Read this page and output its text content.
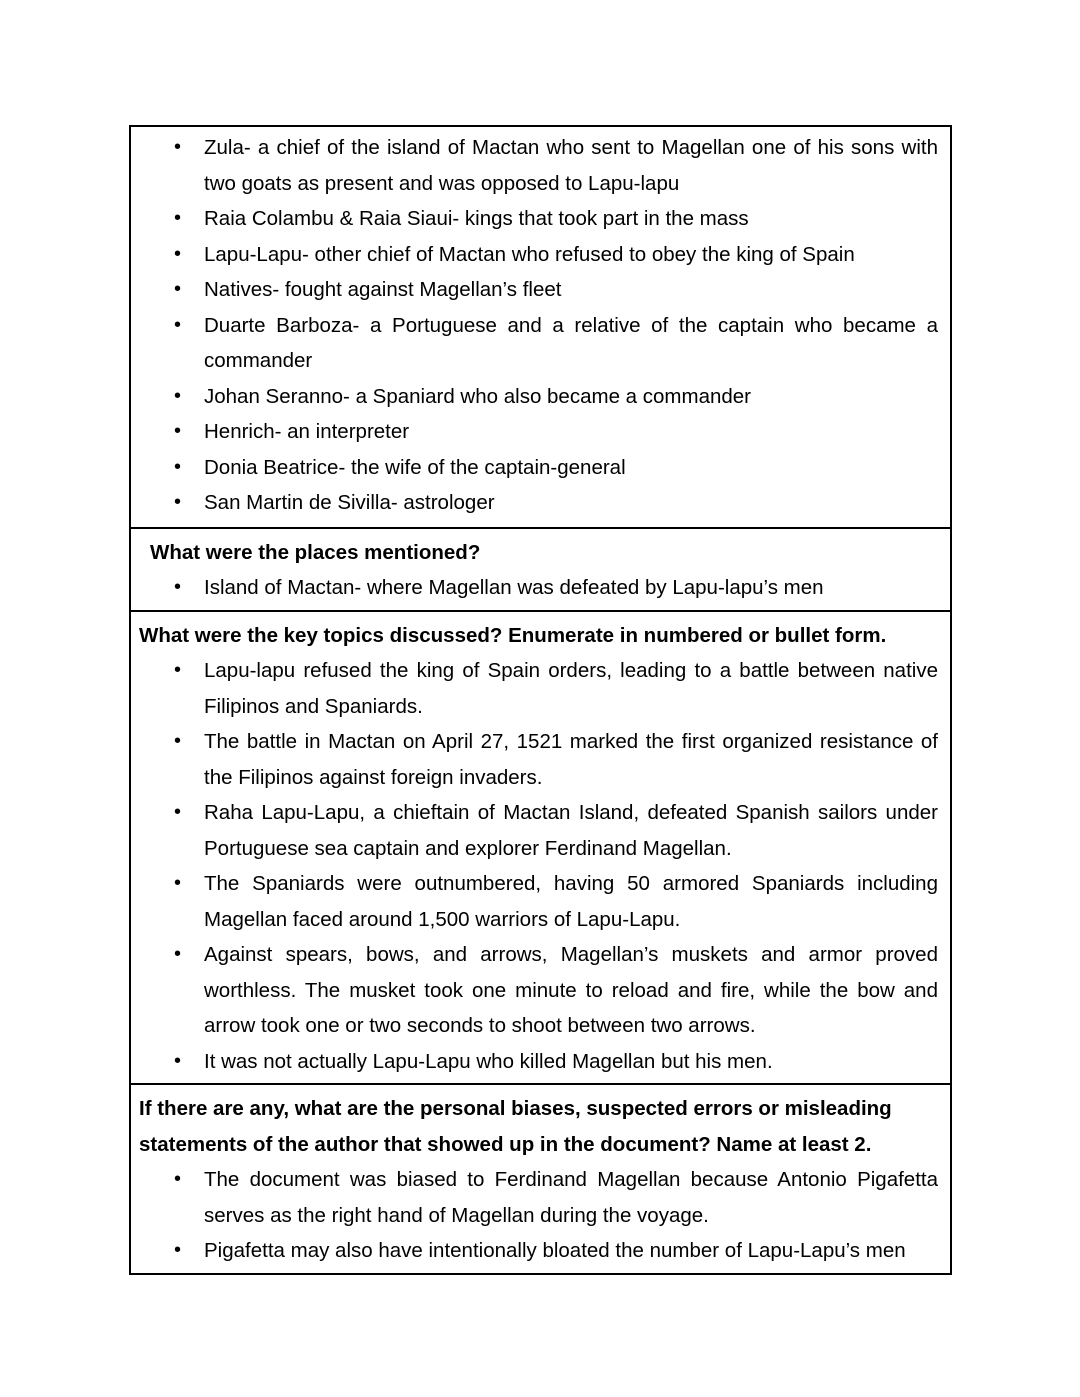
• Zula- a chief of the island of Mactan who sent to Magellan one of his sons with two goats as present and was opposed to Lapu-lapu
• Raia Colambu & Raia Siaui- kings that took part in the mass
• Lapu-Lapu- other chief of Mactan who refused to obey the king of Spain
• Natives- fought against Magellan’s fleet
• Duarte Barboza- a Portuguese and a relative of the captain who became a commander
• Johan Seranno- a Spaniard who also became a commander
• Henrich- an interpreter
• Donia Beatrice- the wife of the captain-general
• San Martin de Sivilla- astrologer
What were the places mentioned?
• Island of Mactan- where Magellan was defeated by Lapu-lapu’s men
What were the key topics discussed? Enumerate in numbered or bullet form.
• Lapu-lapu refused the king of Spain orders, leading to a battle between native Filipinos and Spaniards.
• The battle in Mactan on April 27, 1521 marked the first organized resistance of the Filipinos against foreign invaders.
• Raha Lapu-Lapu, a chieftain of Mactan Island, defeated Spanish sailors under Portuguese sea captain and explorer Ferdinand Magellan.
• The Spaniards were outnumbered, having 50 armored Spaniards including Magellan faced around 1,500 warriors of Lapu-Lapu.
• Against spears, bows, and arrows, Magellan’s muskets and armor proved worthless. The musket took one minute to reload and fire, while the bow and arrow took one or two seconds to shoot between two arrows.
• It was not actually Lapu-Lapu who killed Magellan but his men.
If there are any, what are the personal biases, suspected errors or misleading statements of the author that showed up in the document? Name at least 2.
• The document was biased to Ferdinand Magellan because Antonio Pigafetta serves as the right hand of Magellan during the voyage.
• Pigafetta may also have intentionally bloated the number of Lapu-Lapu’s men
